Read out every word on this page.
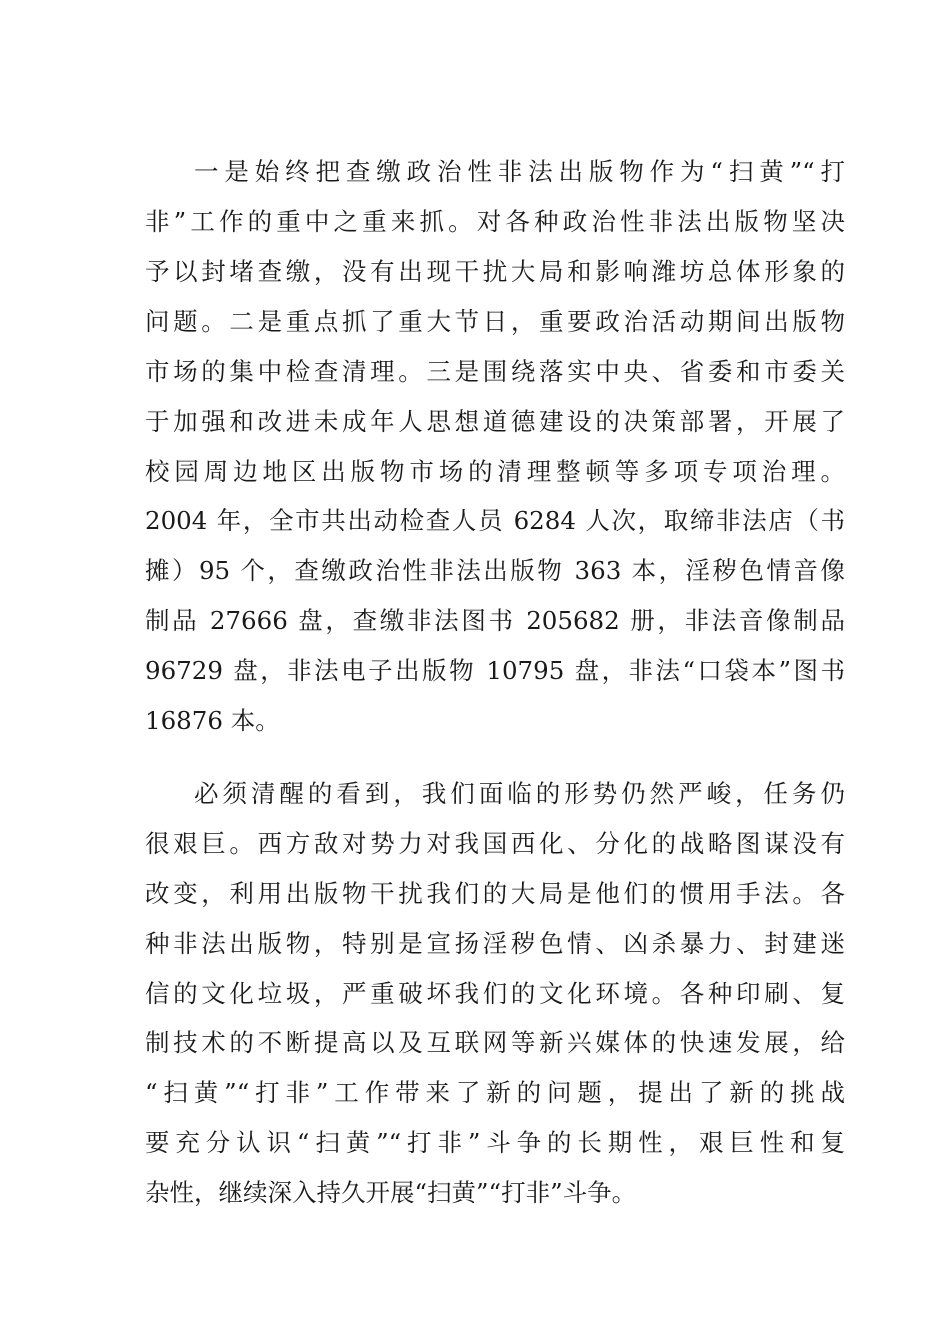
一是始终把查缴政治性非法出版物作为“扫黄”“打
非”工作的重中之重来抓。对各种政治性非法出版物坚决
予以封堵查缴，没有出现干扰大局和影响潍坊总体形象的
问题。二是重点抓了重大节日，重要政治活动期间出版物
市场的集中检查清理。三是围绕落实中央、省委和市委关
于加强和改进未成年人思想道德建设的决策部署，开展了
校园周边地区出版物市场的清理整顿等多项专项治理。
2004 年，全市共出动检查人员 6284 人次，取缔非法店（书
摊）95 个，查缴政治性非法出版物 363 本，淫秽色情音像
制品 27666 盘，查缴非法图书 205682 册，非法音像制品
96729 盘，非法电子出版物 10795 盘，非法“口袋本”图书
16876 本。
必须清醒的看到，我们面临的形势仍然严峻，任务仍
很艰巨。西方敌对势力对我国西化、分化的战略图谋没有
改变，利用出版物干扰我们的大局是他们的惯用手法。各
种非法出版物，特别是宣扬淫秽色情、凶杀暴力、封建迷
信的文化垃圾，严重破坏我们的文化环境。各种印刷、复
制技术的不断提高以及互联网等新兴媒体的快速发展，给
“扫黄”“打非”工作带来了新的问题，提出了新的挑战
要充分认识“扫黄”“打非”斗争的长期性，艰巨性和复
杂性，继续深入持久开展“扫黄”“打非”斗争。
